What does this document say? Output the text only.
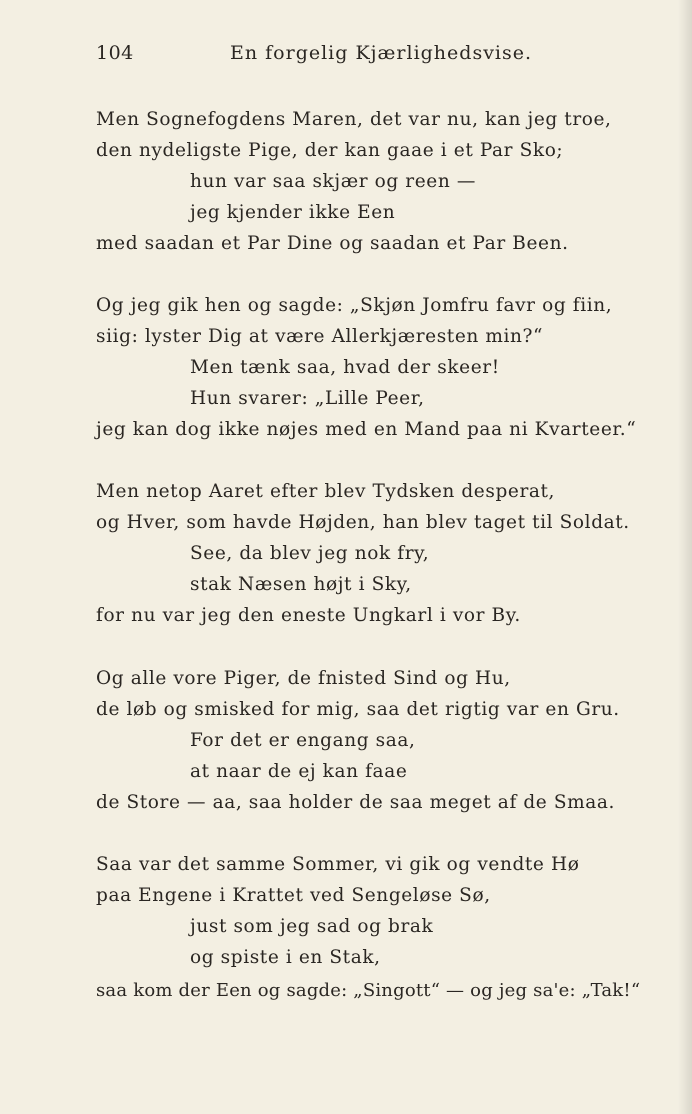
104	En forgelig Kjærlighedsvise.
Men Sognefogdens Maren, det var nu, kan jeg troe,
den nydeligste Pige, der kan gaae i et Par Sko;
hun var saa skjær og reen —
jeg kjender ikke Een
med saadan et Par Dine og saadan et Par Been.
Og jeg gik hen og sagde: „Skjøn Jomfru favr og fiin,
siig: lyster Dig at være Allerkjæresten min?“
Men tænk saa, hvad der skeer!
Hun svarer: „Lille Peer,
jeg kan dog ikke nøjes med en Mand paa ni Kvarteer.“
Men netop Aaret efter blev Tydsken desperat,
og Hver, som havde Højden, han blev taget til Soldat.
See, da blev jeg nok fry,
stak Næsen højt i Sky,
for nu var jeg den eneste Ungkarl i vor By.
Og alle vore Piger, de fnisted Sind og Hu,
de løb og smisked for mig, saa det rigtig var en Gru.
For det er engang saa,
at naar de ej kan faae
de Store — aa, saa holder de saa meget af de Smaa.
Saa var det samme Sommer, vi gik og vendte Hø
paa Engene i Krattet ved Sengeløse Sø,
just som jeg sad og brak
og spiste i en Stak,
saa kom der Een og sagde: „Singott“ — og jeg sa'e: „Tak!“
